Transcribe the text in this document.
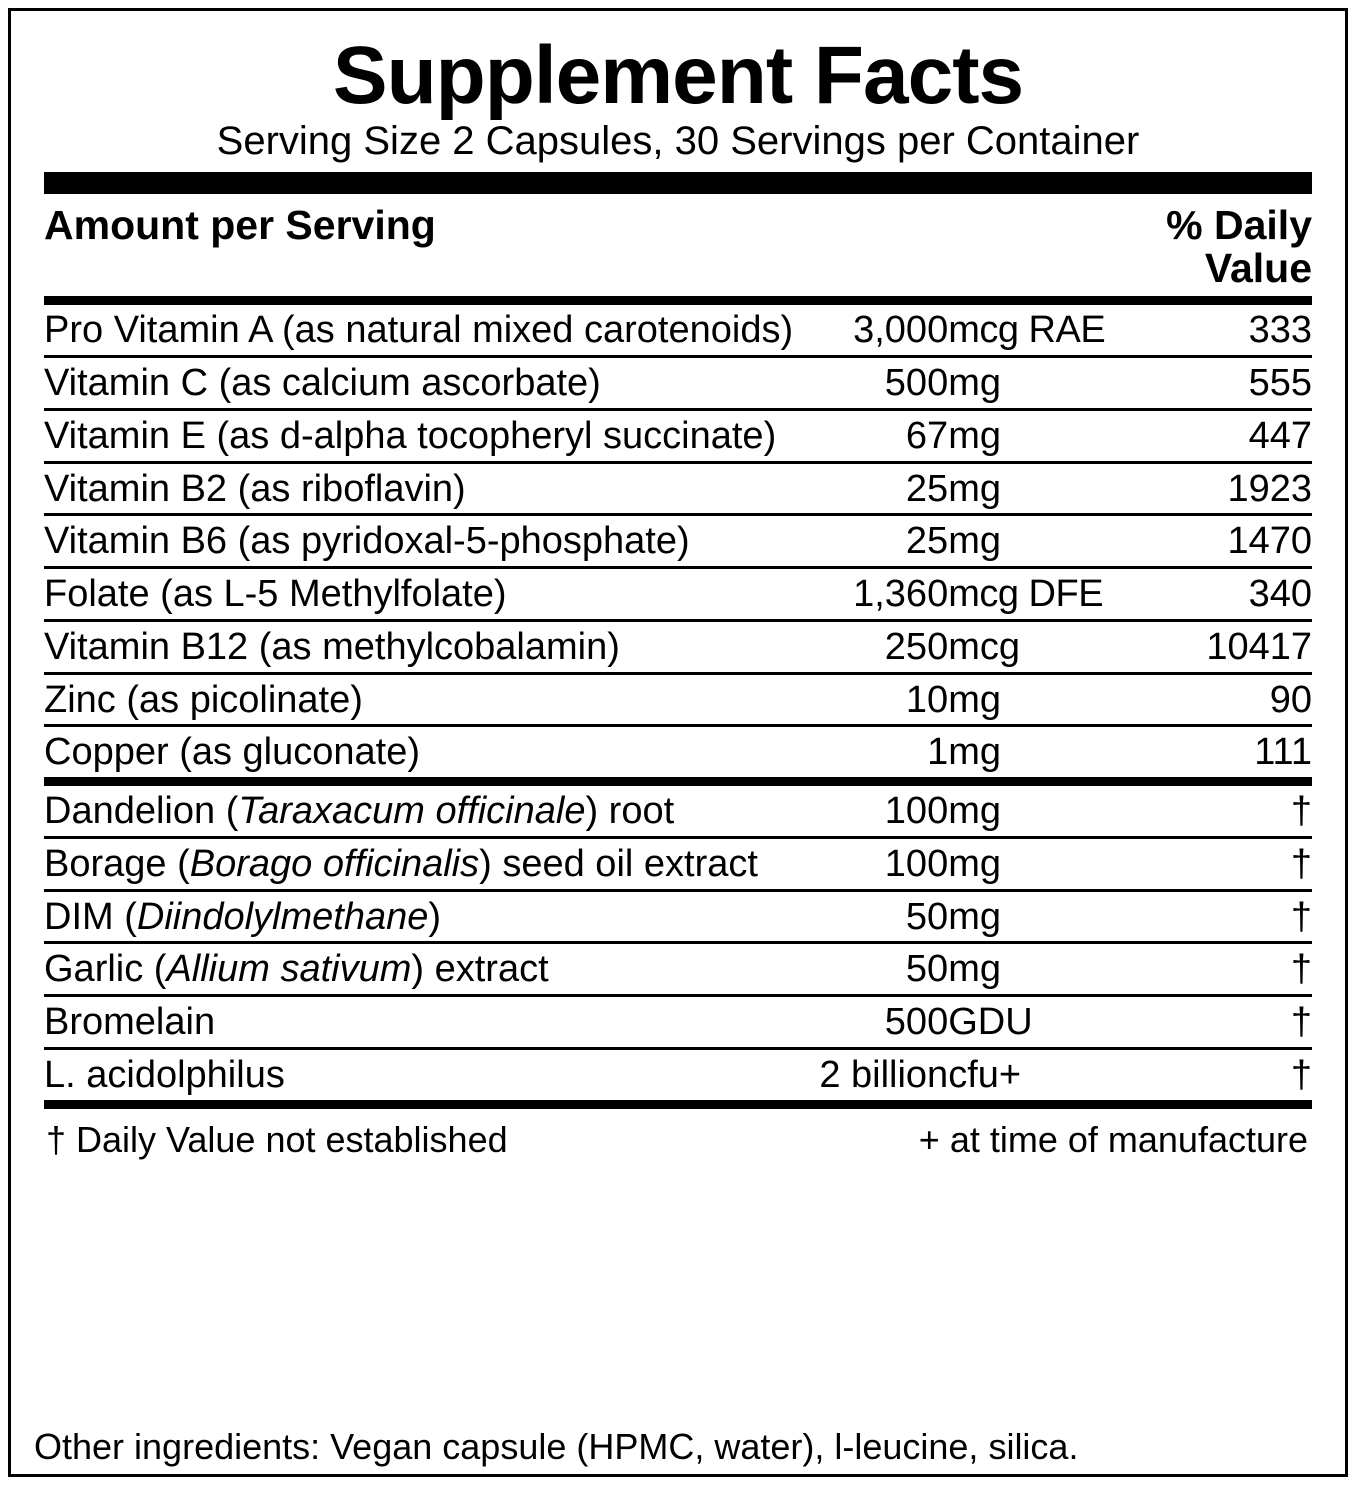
Supplement Facts
Serving Size 2 Capsules, 30 Servings per Container
Amount per Serving	% Daily
Value
Pro Vitamin A (as natural mixed carotenoids)	3,000	mcg RAE	333
Vitamin C (as calcium ascorbate)	500	mg	555
Vitamin E (as d-alpha tocopheryl succinate)	67	mg	447
Vitamin B2 (as riboflavin)	25	mg	1923
Vitamin B6 (as pyridoxal-5-phosphate)	25	mg	1470
Folate (as L-5 Methylfolate)	1,360	mcg DFE	340
Vitamin B12 (as methylcobalamin)	250	mcg	10417
Zinc (as picolinate)	10	mg	90
Copper (as gluconate)	1	mg	111
Dandelion (Taraxacum officinale) root	100	mg	†
Borage (Borago officinalis) seed oil extract	100	mg	†
DIM (Diindolylmethane)	50	mg	†
Garlic (Allium sativum) extract	50	mg	†
Bromelain	500	GDU	†
L. acidolphilus	2 billion	cfu+	†
† Daily Value not established	+ at time of manufacture
Other ingredients: Vegan capsule (HPMC, water), l-leucine, silica.
